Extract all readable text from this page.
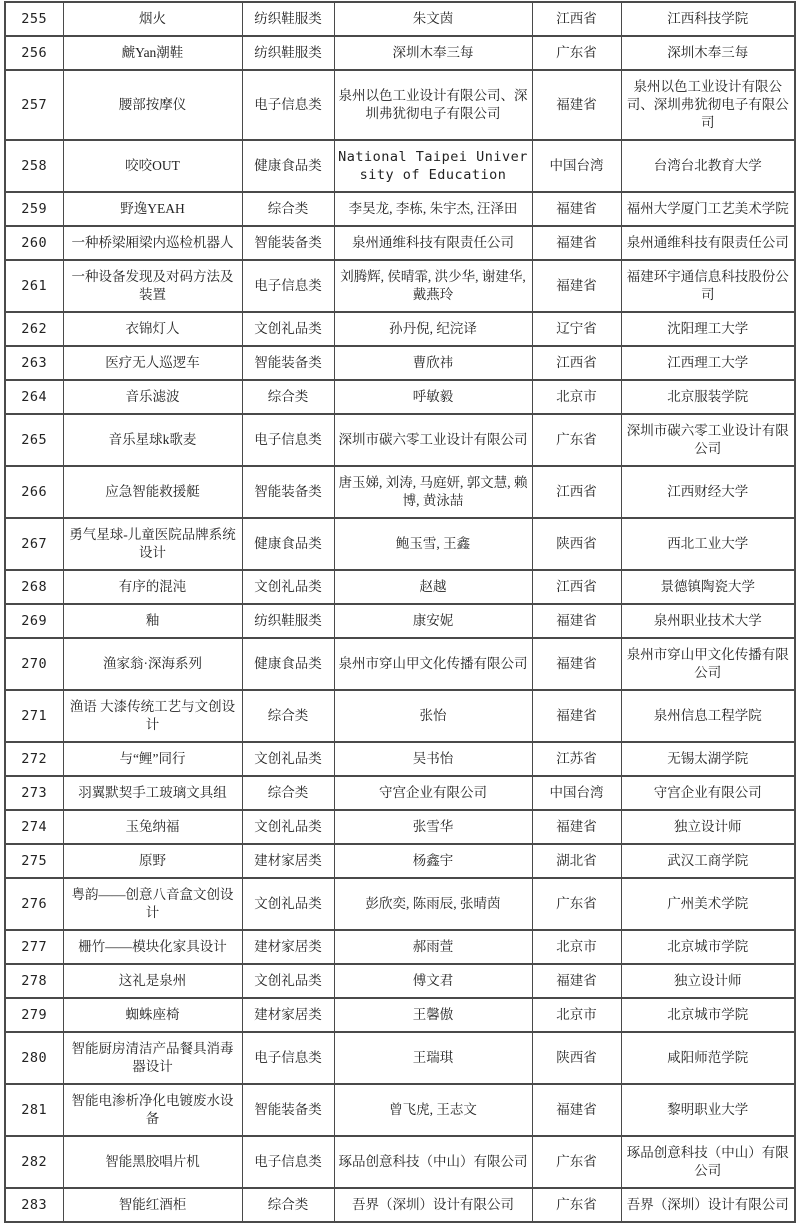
255	烟火	纺织鞋服类	朱文茵	江西省	江西科技学院
256	虤Yan潮鞋	纺织鞋服类	深圳木奉三每	广东省	深圳木奉三每
257	腰部按摩仪	电子信息类	泉州以色工业设计有限公司、深圳弗犹彻电子有限公司	福建省	泉州以色工业设计有限公司、深圳弗犹彻电子有限公司
258	咬咬OUT	健康食品类	National Taipei University of Education	中国台湾	台湾台北教育大学
259	野逸YEAH	综合类	李昊龙, 李栋, 朱宇杰, 汪泽田	福建省	福州大学厦门工艺美术学院
260	一种桥梁厢梁内巡检机器人	智能装备类	泉州通维科技有限责任公司	福建省	泉州通维科技有限责任公司
261	一种设备发现及对码方法及装置	电子信息类	刘腾辉, 侯晴霏, 洪少华, 谢建华, 戴燕玲	福建省	福建环宇通信息科技股份公司
262	衣锦灯人	文创礼品类	孙丹倪, 纪浣译	辽宁省	沈阳理工大学
263	医疗无人巡逻车	智能装备类	曹欣祎	江西省	江西理工大学
264	音乐滤波	综合类	呼敏毅	北京市	北京服装学院
265	音乐星球k歌麦	电子信息类	深圳市碳六零工业设计有限公司	广东省	深圳市碳六零工业设计有限公司
266	应急智能救援艇	智能装备类	唐玉娣, 刘涛, 马庭妍, 郭文慧, 赖博, 黄泳喆	江西省	江西财经大学
267	勇气星球-儿童医院品牌系统设计	健康食品类	鲍玉雪, 王鑫	陕西省	西北工业大学
268	有序的混沌	文创礼品类	赵越	江西省	景德镇陶瓷大学
269	釉	纺织鞋服类	康安妮	福建省	泉州职业技术大学
270	渔家翁·深海系列	健康食品类	泉州市穿山甲文化传播有限公司	福建省	泉州市穿山甲文化传播有限公司
271	渔语 大漆传统工艺与文创设计	综合类	张怡	福建省	泉州信息工程学院
272	与“鲤”同行	文创礼品类	吴书怡	江苏省	无锡太湖学院
273	羽翼默契手工玻璃文具组	综合类	守宫企业有限公司	中国台湾	守宫企业有限公司
274	玉兔纳福	文创礼品类	张雪华	福建省	独立设计师
275	原野	建材家居类	杨鑫宇	湖北省	武汉工商学院
276	粤韵——创意八音盒文创设计	文创礼品类	彭欣奕, 陈雨辰, 张晴茵	广东省	广州美术学院
277	栅竹——模块化家具设计	建材家居类	郝雨萱	北京市	北京城市学院
278	这礼是泉州	文创礼品类	傅文君	福建省	独立设计师
279	蜘蛛座椅	建材家居类	王馨傲	北京市	北京城市学院
280	智能厨房清洁产品餐具消毒器设计	电子信息类	王瑞琪	陕西省	咸阳师范学院
281	智能电渗析净化电镀废水设备	智能装备类	曾飞虎, 王志文	福建省	黎明职业大学
282	智能黑胶唱片机	电子信息类	琢品创意科技（中山）有限公司	广东省	琢品创意科技（中山）有限公司
283	智能红酒柜	综合类	吾界（深圳）设计有限公司	广东省	吾界（深圳）设计有限公司
